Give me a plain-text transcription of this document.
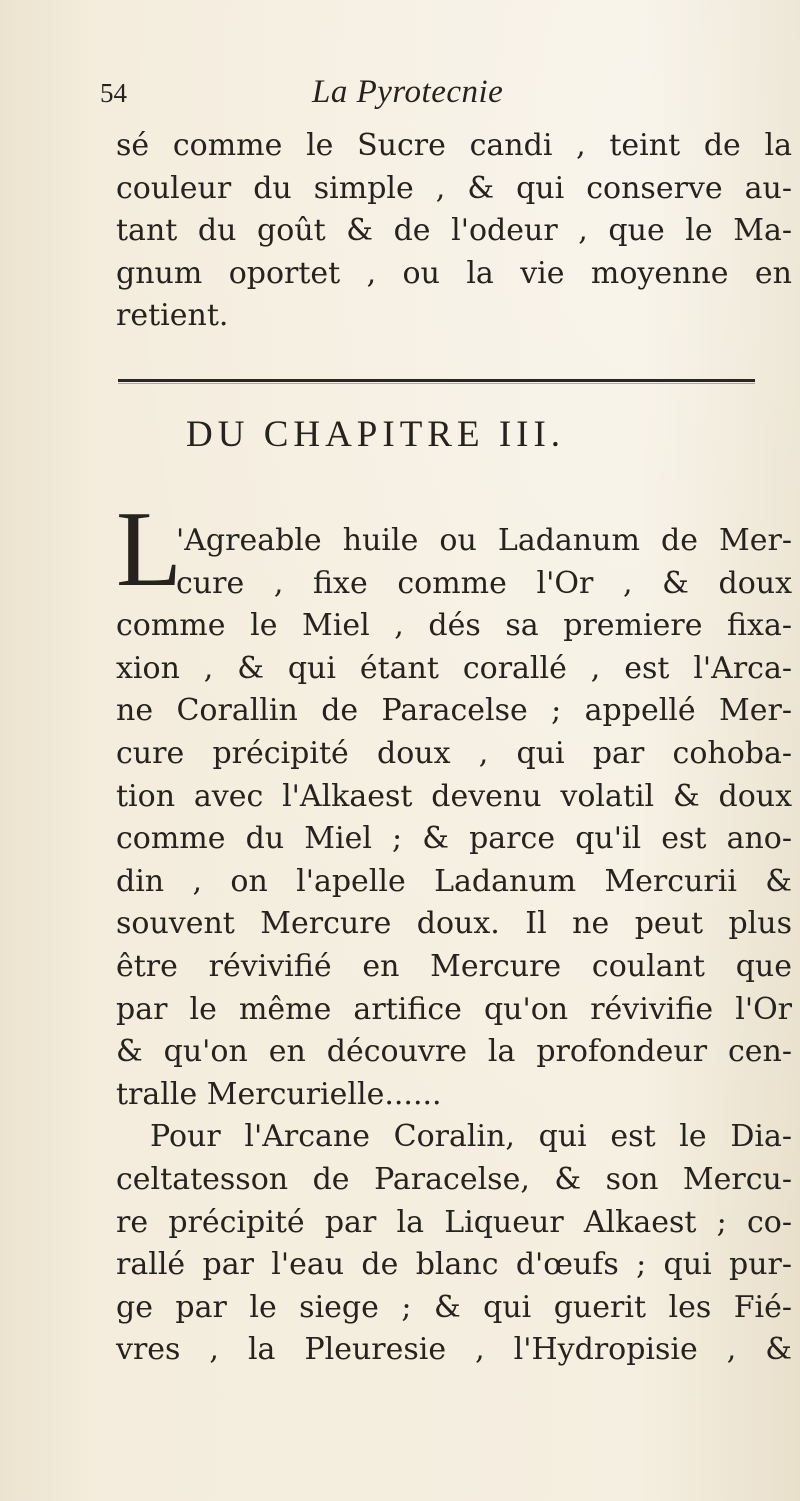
54	La Pyrotecnie
sé comme le Sucre candi , teint de la
couleur du simple , & qui conserve au-
tant du goût & de l'odeur , que le Ma-
gnum oportet , ou la vie moyenne en
retient.
DU CHAPITRE III.
L
'Agreable huile ou Ladanum de Mer-
cure , fixe comme l'Or , & doux
comme le Miel , dés sa premiere fixa-
xion , & qui étant corallé , est l'Arca-
ne Corallin de Paracelse ; appellé Mer-
cure précipité doux , qui par cohoba-
tion avec l'Alkaest devenu volatil & doux
comme du Miel ; & parce qu'il est ano-
din , on l'apelle Ladanum Mercurii &
souvent Mercure doux. Il ne peut plus
être révivifié en Mercure coulant que
par le même artifice qu'on révivifie l'Or
& qu'on en découvre la profondeur cen-
tralle Mercurielle......
Pour l'Arcane Coralin, qui est le Dia-
celtatesson de Paracelse, & son Mercu-
re précipité par la Liqueur Alkaest ; co-
rallé par l'eau de blanc d'œufs ; qui pur-
ge par le siege ; & qui guerit les Fié-
vres , la Pleuresie , l'Hydropisie , &
